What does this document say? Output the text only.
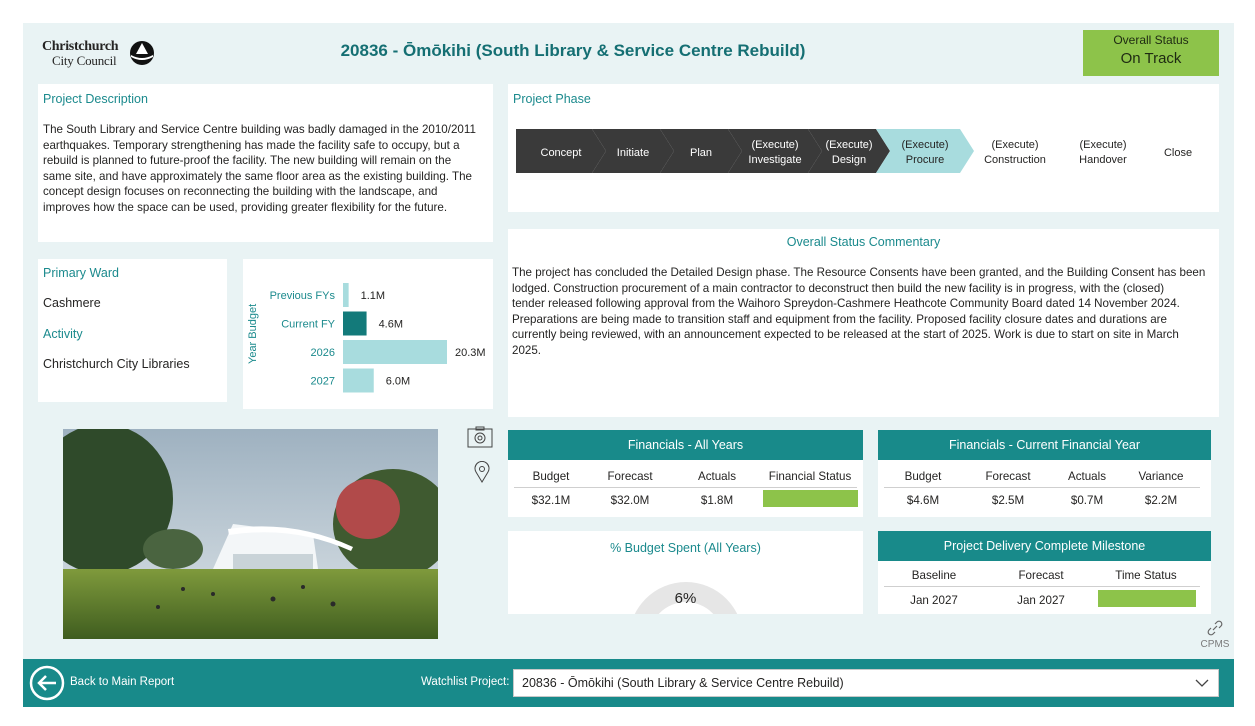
Christchurch
City Council
20836 - Ōmōkihi (South Library & Service Centre Rebuild)
Overall Status
On Track
Project Description
The South Library and Service Centre building was badly damaged in the 2010/2011
earthquakes. Temporary strengthening has made the facility safe to occupy, but a
rebuild is planned to future-proof the facility. The new building will remain on the
same site, and have approximately the same floor area as the existing building. The
concept design focuses on reconnecting the building with the landscape, and
improves how the space can be used, providing greater flexibility for the future.
Primary Ward
Cashmere
Activity
Christchurch City Libraries	Year Budget
Previous FYs 1.1M
Current FY	4.6M
2026	20.3M
2027	6.0M
Project Phase
Concept	Initiate	Plan
(Execute)
Investigate
(Execute)
Design
(Execute)
Procure
(Execute)
Construction
(Execute)
Handover
Close
Overall Status Commentary
The project has concluded the Detailed Design phase. The Resource Consents have been granted, and the Building Consent has been
lodged. Construction procurement of a main contractor to deconstruct then build the new facility is in progress, with the (closed)
tender released following approval from the Waihoro Spreydon-Cashmere Heathcote Community Board dated 14 November 2024.
Preparations are being made to transition staff and equipment from the facility. Proposed facility closure dates and durations are
currently being reviewed, with an announcement expected to be released at the start of 2025. Work is due to start on site in March
2025.
Financials - All Years
Budget	Forecast	Actuals	Financial Status
$32.1M	$32.0M	$1.8M
Financials - Current Financial Year
Budget	Forecast	Actuals	Variance
$4.6M	$2.5M	$0.7M	$2.2M
% Budget Spent (All Years)
6%
Project Delivery Complete Milestone
Baseline	Forecast	Time Status
Jan 2027	Jan 2027
CPMS
Back to Main Report	Watchlist Project: 20836 - Ōmōkihi (South Library & Service Centre Rebuild)
